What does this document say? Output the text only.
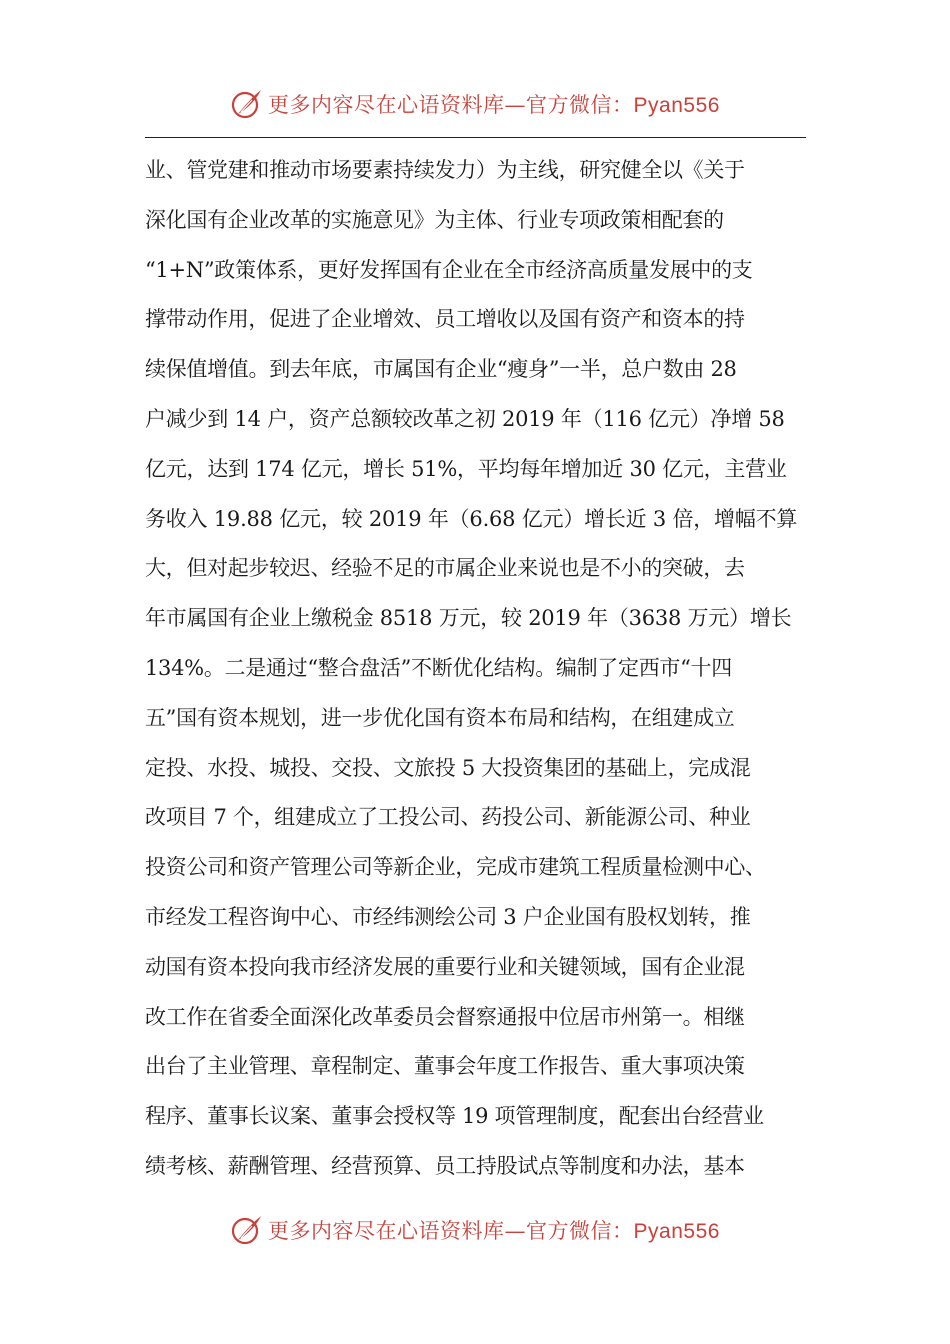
更多内容尽在心语资料库—官方微信：Pyan556
业、管党建和推动市场要素持续发力）为主线，研究健全以《关于
深化国有企业改革的实施意见》为主体、行业专项政策相配套的
“1+N”政策体系，更好发挥国有企业在全市经济高质量发展中的支
撑带动作用，促进了企业增效、员工增收以及国有资产和资本的持
续保值增值。到去年底，市属国有企业“瘦身”一半，总户数由 28
户减少到 14 户，资产总额较改革之初 2019 年（116 亿元）净增 58
亿元，达到 174 亿元，增长 51%，平均每年增加近 30 亿元，主营业
务收入 19.88 亿元，较 2019 年（6.68 亿元）增长近 3 倍，增幅不算
大，但对起步较迟、经验不足的市属企业来说也是不小的突破，去
年市属国有企业上缴税金 8518 万元，较 2019 年（3638 万元）增长
134%。二是通过“整合盘活”不断优化结构。编制了定西市“十四
五”国有资本规划，进一步优化国有资本布局和结构，在组建成立
定投、水投、城投、交投、文旅投 5 大投资集团的基础上，完成混
改项目 7 个，组建成立了工投公司、药投公司、新能源公司、种业
投资公司和资产管理公司等新企业，完成市建筑工程质量检测中心、
市经发工程咨询中心、市经纬测绘公司 3 户企业国有股权划转，推
动国有资本投向我市经济发展的重要行业和关键领域，国有企业混
改工作在省委全面深化改革委员会督察通报中位居市州第一。相继
出台了主业管理、章程制定、董事会年度工作报告、重大事项决策
程序、董事长议案、董事会授权等 19 项管理制度，配套出台经营业
绩考核、薪酬管理、经营预算、员工持股试点等制度和办法，基本
更多内容尽在心语资料库—官方微信：Pyan556
